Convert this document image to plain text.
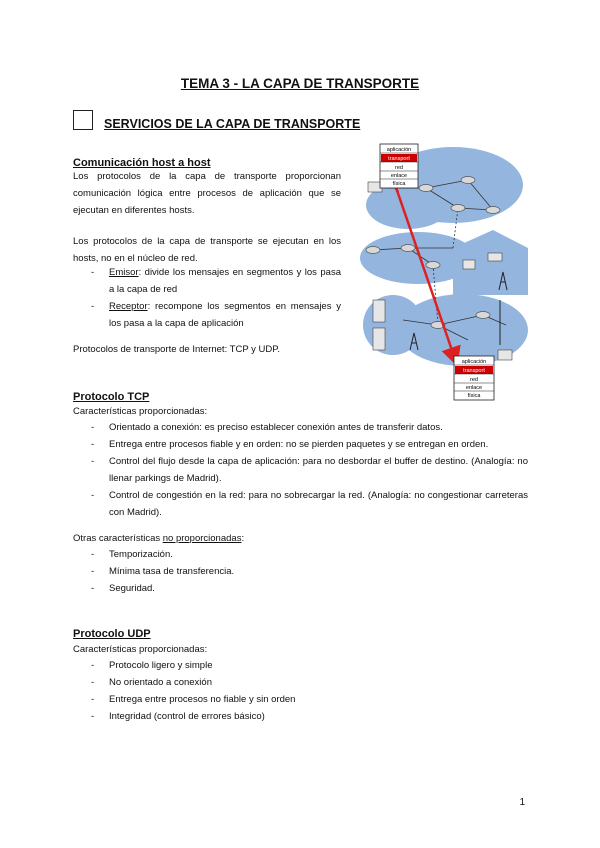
TEMA 3 - LA CAPA DE TRANSPORTE
SERVICIOS DE LA CAPA DE TRANSPORTE
Comunicación host a host
Los protocolos de la capa de transporte proporcionan comunicación lógica entre procesos de aplicación que se ejecutan en diferentes hosts.
Los protocolos de la capa de transporte se ejecutan en los hosts, no en el núcleo de red.
- Emisor: divide los mensajes en segmentos y los pasa a la capa de red
- Receptor: recompone los segmentos en mensajes y los pasa a la capa de aplicación
Protocolos de transporte de Internet: TCP y UDP.
aplicación
transport
red
enlace
física
aplicación
transport
red
enlace
física
Protocolo TCP
Características proporcionadas:
- Orientado a conexión: es preciso establecer conexión antes de transferir datos.
- Entrega entre procesos fiable y en orden: no se pierden paquetes y se entregan en orden.
- Control del flujo desde la capa de aplicación: para no desbordar el buffer de destino. (Analogía: no llenar parkings de Madrid).
- Control de congestión en la red: para no sobrecargar la red. (Analogía: no congestionar carreteras con Madrid).
Otras características no proporcionadas:
- Temporización.
- Mínima tasa de transferencia.
- Seguridad.
Protocolo UDP
Características proporcionadas:
- Protocolo ligero y simple
- No orientado a conexión
- Entrega entre procesos no fiable y sin orden
- Integridad (control de errores básico)
1
